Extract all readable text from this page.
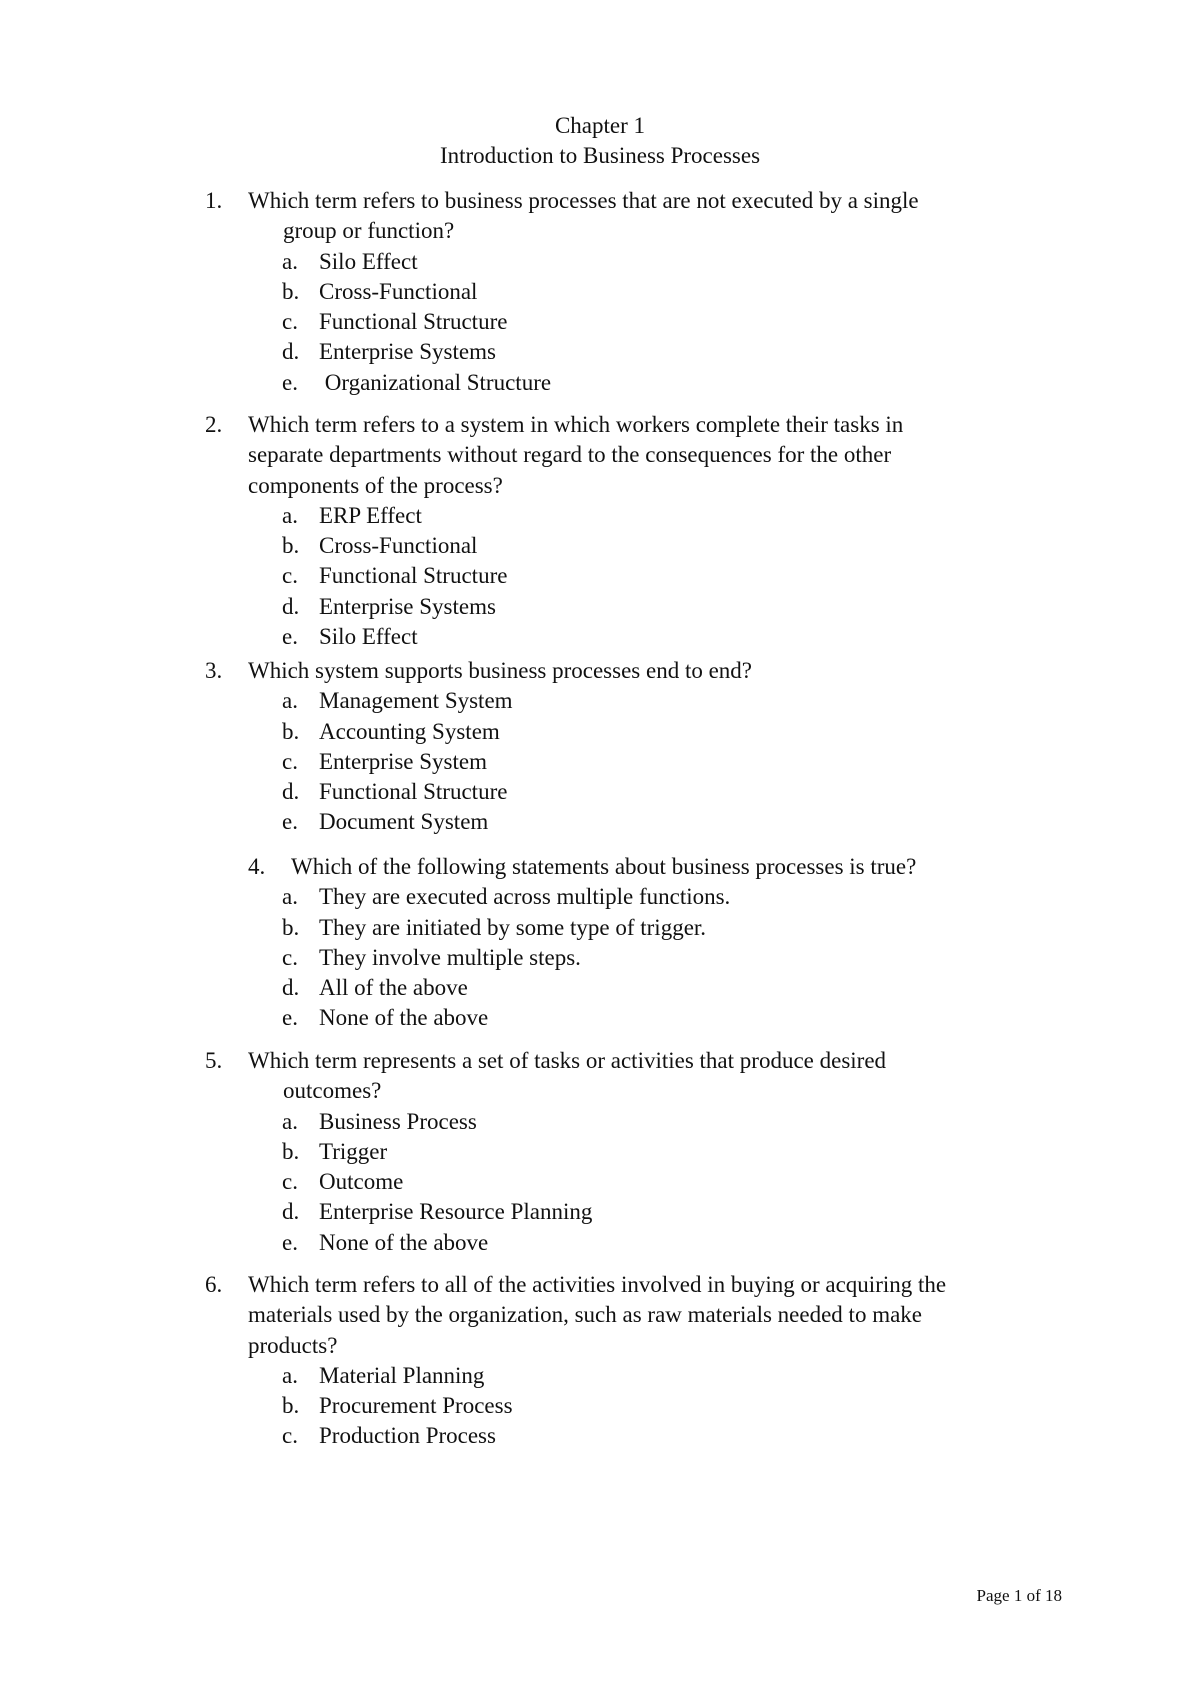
Chapter 1
Introduction to Business Processes
1.	Which term refers to business processes that are not executed by a single
group or function?
a. Silo Effect
b. Cross-Functional
c. Functional Structure
d. Enterprise Systems
e. Organizational Structure
2.	Which term refers to a system in which workers complete their tasks in
separate departments without regard to the consequences for the other
components of the process?
a. ERP Effect
b. Cross-Functional
c. Functional Structure
d. Enterprise Systems
e. Silo Effect
3.	Which system supports business processes end to end?
a. Management System
b. Accounting System
c. Enterprise System
d. Functional Structure
e. Document System
4.	Which of the following statements about business processes is true?
a. They are executed across multiple functions.
b. They are initiated by some type of trigger.
c. They involve multiple steps.
d. All of the above
e. None of the above
5.	Which term represents a set of tasks or activities that produce desired
outcomes?
a. Business Process
b. Trigger
c. Outcome
d. Enterprise Resource Planning
e. None of the above
6.	Which term refers to all of the activities involved in buying or acquiring the
materials used by the organization, such as raw materials needed to make
products?
a. Material Planning
b. Procurement Process
c. Production Process
Page 1 of 18
